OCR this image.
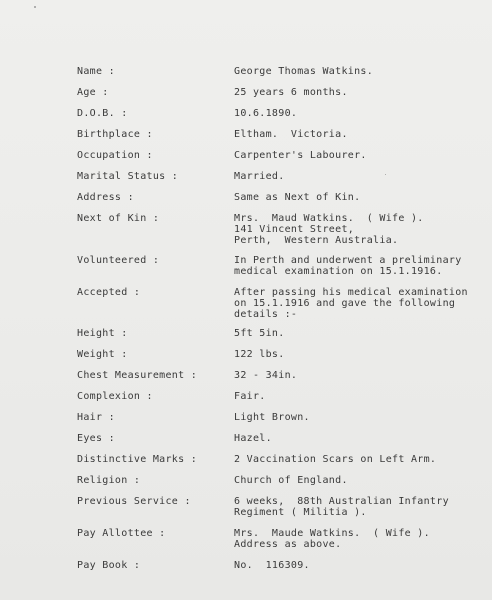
Name :	George Thomas Watkins.
Age :	25 years 6 months.
D.O.B. :	10.6.1890.
Birthplace :	Eltham.  Victoria.
Occupation :	Carpenter's Labourer.
Marital Status :	Married.
Address :	Same as Next of Kin.
Next of Kin :	Mrs.  Maud Watkins.  ( Wife ).
141 Vincent Street,
Perth,  Western Australia.
Volunteered :	In Perth and underwent a preliminary
medical examination on 15.1.1916.
Accepted :	After passing his medical examination
on 15.1.1916 and gave the following
details :-
Height :	5ft 5in.
Weight :	122 lbs.
Chest Measurement :	32 - 34in.
Complexion :	Fair.
Hair :	Light Brown.
Eyes :	Hazel.
Distinctive Marks :	2 Vaccination Scars on Left Arm.
Religion :	Church of England.
Previous Service :	6 weeks,  88th Australian Infantry
Regiment ( Militia ).
Pay Allottee :	Mrs.  Maude Watkins.  ( Wife ).
Address as above.
Pay Book :	No.  116309.
